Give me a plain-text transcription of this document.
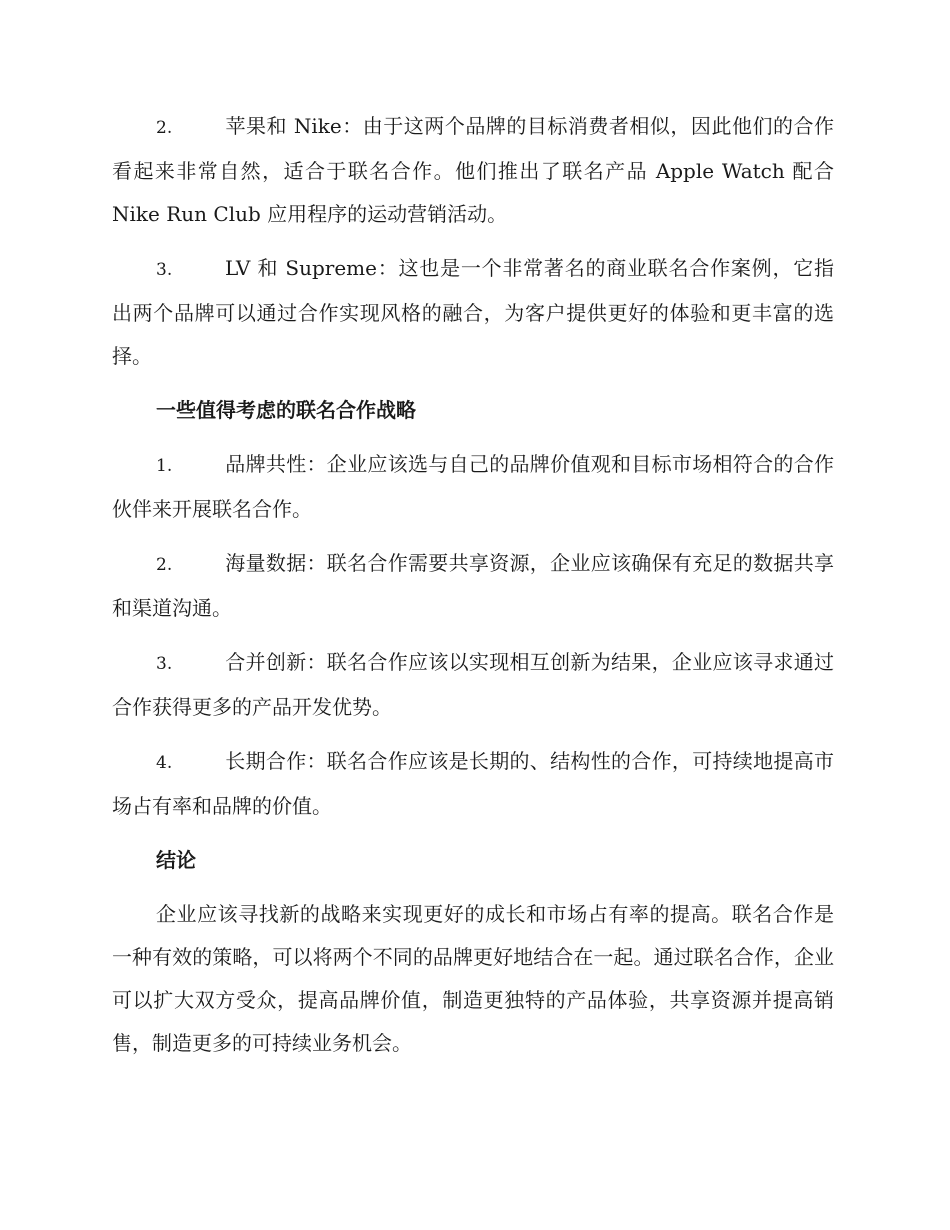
2.	苹果和 Nike：由于这两个品牌的目标消费者相似，因此他们的合作看起来非常自然，适合于联名合作。他们推出了联名产品 Apple Watch 配合 Nike Run Club 应用程序的运动营销活动。

3.	LV 和 Supreme：这也是一个非常著名的商业联名合作案例，它指出两个品牌可以通过合作实现风格的融合，为客户提供更好的体验和更丰富的选择。

一些值得考虑的联名合作战略

1.	品牌共性：企业应该选与自己的品牌价值观和目标市场相符合的合作伙伴来开展联名合作。

2.	海量数据：联名合作需要共享资源，企业应该确保有充足的数据共享和渠道沟通。

3.	合并创新：联名合作应该以实现相互创新为结果，企业应该寻求通过合作获得更多的产品开发优势。

4.	长期合作：联名合作应该是长期的、结构性的合作，可持续地提高市场占有率和品牌的价值。

结论

企业应该寻找新的战略来实现更好的成长和市场占有率的提高。联名合作是一种有效的策略，可以将两个不同的品牌更好地结合在一起。通过联名合作，企业可以扩大双方受众，提高品牌价值，制造更独特的产品体验，共享资源并提高销售，制造更多的可持续业务机会。
